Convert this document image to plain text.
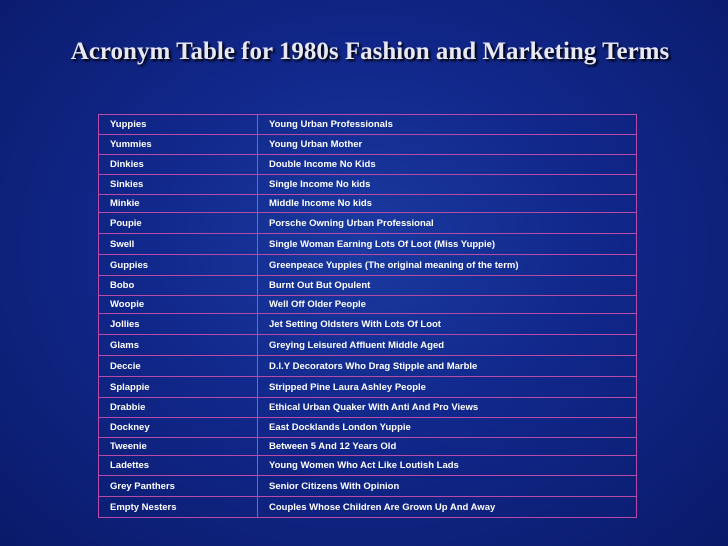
Acronym Table for 1980s Fashion and Marketing Terms
Yuppies	Young Urban Professionals
Yummies	Young Urban Mother
Dinkies	Double Income No Kids
Sinkies	Single Income No kids
Minkie	Middle Income No kids
Poupie	Porsche Owning Urban Professional
Swell	Single Woman Earning Lots Of Loot (Miss Yuppie)
Guppies	Greenpeace Yuppies (The original meaning of the term)
Bobo	Burnt Out But Opulent
Woopie	Well Off Older People
Jollies	Jet Setting Oldsters With Lots Of Loot
Glams	Greying Leisured Affluent Middle Aged
Deccie	D.I.Y Decorators Who Drag Stipple and Marble
Splappie	Stripped Pine Laura Ashley People
Drabbie	Ethical Urban Quaker With Anti And Pro Views
Dockney	East Docklands London Yuppie
Tweenie	Between 5 And 12 Years Old
Ladettes	Young Women Who Act Like Loutish Lads
Grey Panthers	Senior Citizens With Opinion
Empty Nesters	Couples Whose Children Are Grown Up And Away
